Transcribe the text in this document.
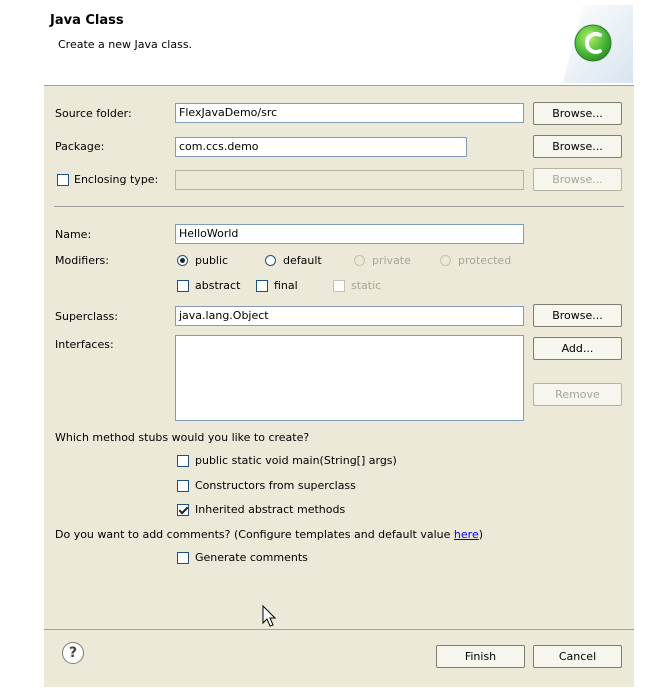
Java Class
Create a new Java class.
Source folder:	FlexJavaDemo/src	Browse...
Package:	com.ccs.demo	Browse...
Enclosing type:	Browse...
Name:	HelloWorld
Modifiers:	public	default	private	protected
abstract	final	static
Superclass:	java.lang.Object	Browse...
Interfaces:	Add...
Remove
Which method stubs would you like to create?
public static void main(String[] args)
Constructors from superclass
Inherited abstract methods
Do you want to add comments? (Configure templates and default value here)
Generate comments
?	Finish	Cancel
